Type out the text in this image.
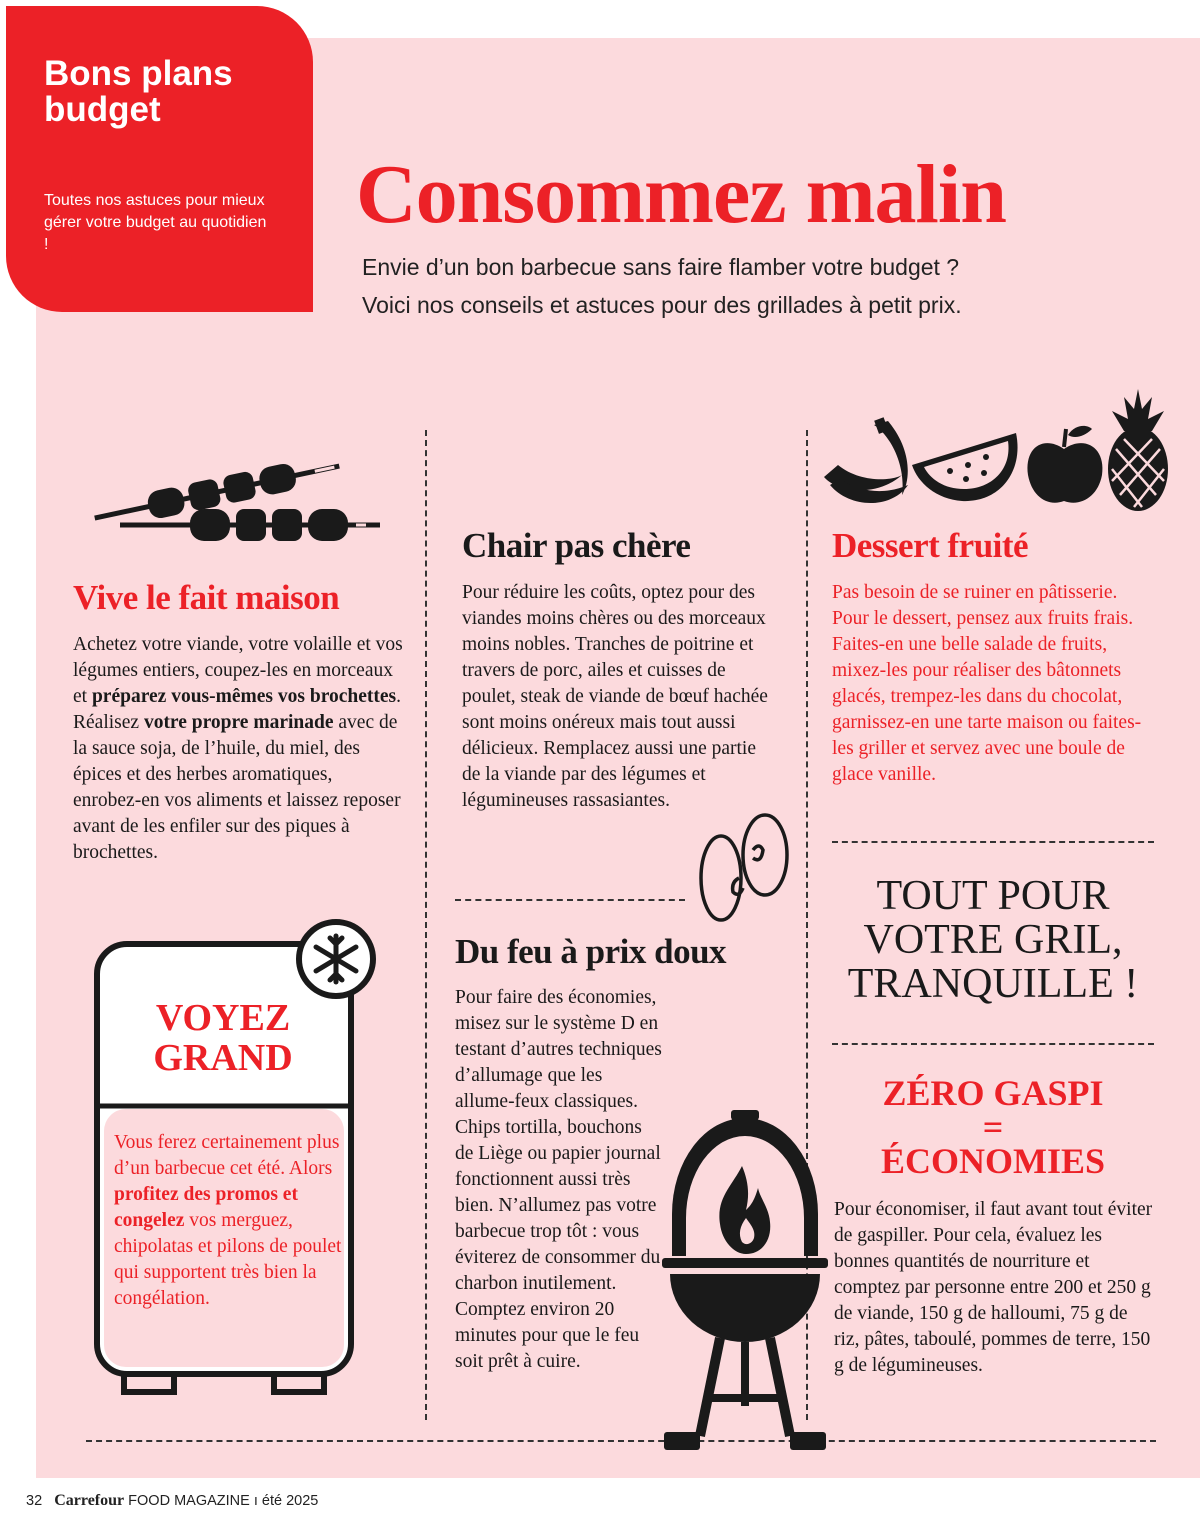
Bons plans budget

Toutes nos astuces pour mieux gérer votre budget au quotidien !

Consommez malin

Envie d’un bon barbecue sans faire flamber votre budget ?
Voici nos conseils et astuces pour des grillades à petit prix.

Vive le fait maison

Achetez votre viande, votre volaille et vos légumes entiers, coupez-les en morceaux et préparez vous-mêmes vos brochettes. Réalisez votre propre marinade avec de la sauce soja, de l’huile, du miel, des épices et des herbes aromatiques, enrobez-en vos aliments et laissez reposer avant de les enfiler sur des piques à brochettes.

VOYEZ
GRAND

Vous ferez certainement plus d’un barbecue cet été. Alors profitez des promos et congelez vos merguez, chipolatas et pilons de poulet qui supportent très bien la congélation.

Chair pas chère

Pour réduire les coûts, optez pour des viandes moins chères ou des morceaux moins nobles. Tranches de poitrine et travers de porc, ailes et cuisses de poulet, steak de viande de bœuf hachée sont moins onéreux mais tout aussi délicieux. Remplacez aussi une partie de la viande par des légumes et légumineuses rassasiantes.

Du feu à prix doux

Pour faire des économies, misez sur le système D en testant d’autres techniques d’allumage que les allume-feux classiques. Chips tortilla, bouchons de Liège ou papier journal fonctionnent aussi très bien. N’allumez pas votre barbecue trop tôt : vous éviterez de consommer du charbon inutilement. Comptez environ 20 minutes pour que le feu soit prêt à cuire.

Dessert fruité

Pas besoin de se ruiner en pâtisserie. Pour le dessert, pensez aux fruits frais. Faites-en une belle salade de fruits, mixez-les pour réaliser des bâtonnets glacés, trempez-les dans du chocolat, garnissez-en une tarte maison ou faites-les griller et servez avec une boule de glace vanille.

TOUT POUR
VOTRE GRIL,
TRANQUILLE !

ZÉRO GASPI
=
ÉCONOMIES

Pour économiser, il faut avant tout éviter de gaspiller. Pour cela, évaluez les bonnes quantités de nourriture et comptez par personne entre 200 et 250 g de viande, 150 g de halloumi, 75 g de riz, pâtes, taboulé, pommes de terre, 150 g de légumineuses.

32 Carrefour FOOD MAGAZINE ı été 2025
